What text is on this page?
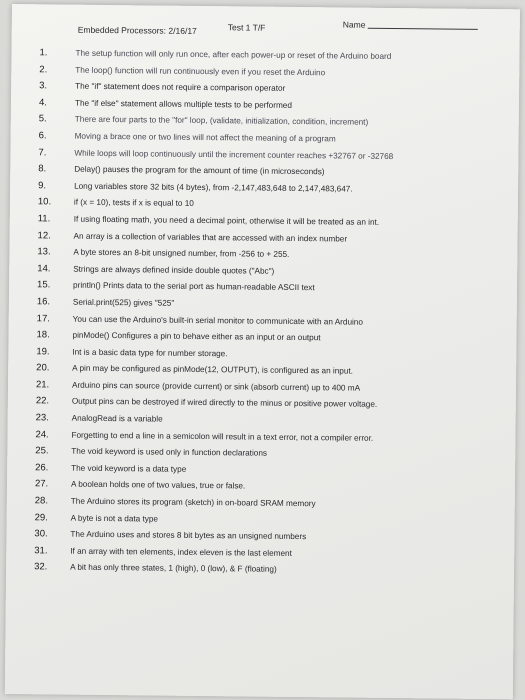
Embedded Processors: 2/16/17	Test 1 T/F	Name
1.	The setup function will only run once, after each power-up or reset of the Arduino board
2.	The loop() function will run continuously even if you reset the Arduino
3.	The "if" statement does not require a comparison operator
4.	The "if else" statement allows multiple tests to be performed
5.	There are four parts to the "for" loop, (validate, initialization, condition, increment)
6.	Moving a brace one or two lines will not affect the meaning of a program
7.	While loops will loop continuously until the increment counter reaches +32767 or -32768
8.	Delay() pauses the program for the amount of time (in microseconds)
9.	Long variables store 32 bits (4 bytes), from -2,147,483,648 to 2,147,483,647.
10.	if (x = 10), tests if x is equal to 10
11.	If using floating math, you need a decimal point, otherwise it will be treated as an int.
12.	An array is a collection of variables that are accessed with an index number
13.	A byte stores an 8-bit unsigned number, from -256 to + 255.
14.	Strings are always defined inside double quotes ("Abc")
15.	println() Prints data to the serial port as human-readable ASCII text
16.	Serial.print(525) gives "525"
17.	You can use the Arduino's built-in serial monitor to communicate with an Arduino
18.	pinMode() Configures a pin to behave either as an input or an output
19.	Int is a basic data type for number storage.
20.	A pin may be configured as pinMode(12, OUTPUT), is configured as an input.
21.	Arduino pins can source (provide current) or sink (absorb current) up to 400 mA
22.	Output pins can be destroyed if wired directly to the minus or positive power voltage.
23.	AnalogRead is a variable
24.	Forgetting to end a line in a semicolon will result in a text error, not a compiler error.
25.	The void keyword is used only in function declarations
26.	The void keyword is a data type
27.	A boolean holds one of two values, true or false.
28.	The Arduino stores its program (sketch) in on-board SRAM memory
29.	A byte is not a data type
30.	The Arduino uses and stores 8 bit bytes as an unsigned numbers
31.	If an array with ten elements, index eleven is the last element
32.	A bit has only three states, 1 (high), 0 (low), & F (floating)
